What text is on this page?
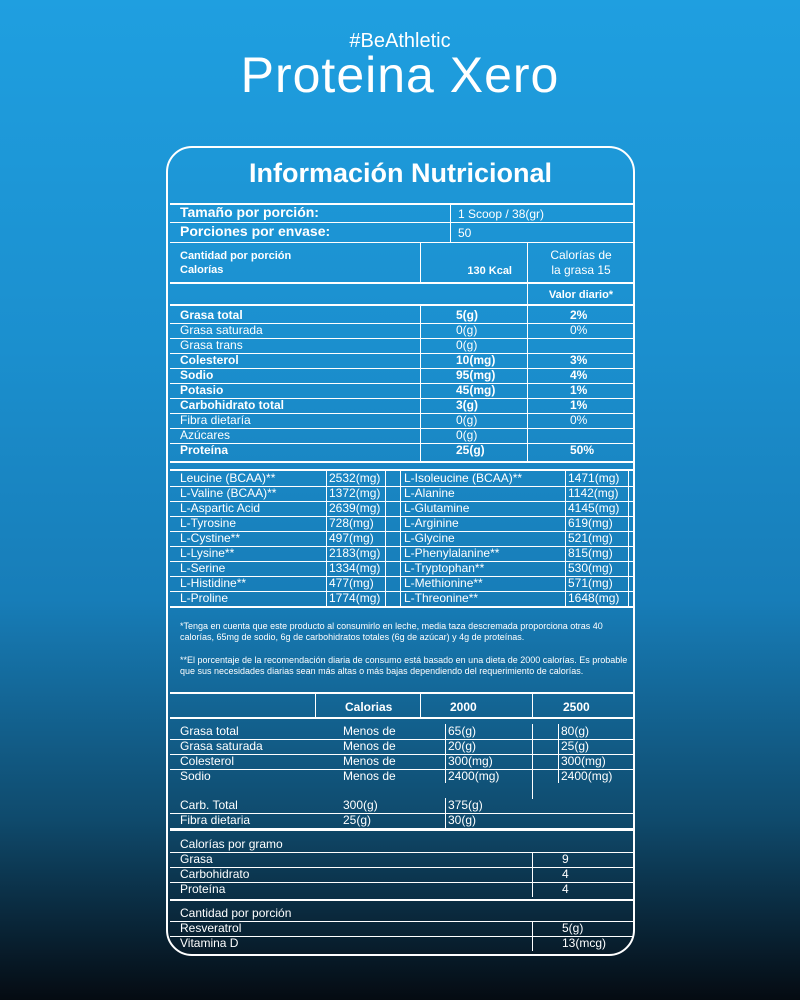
#BeAthletic
Proteina Xero
Información Nutricional
Tamaño por porción:	1 Scoop / 38(gr)
Porciones por envase:	50
Cantidad por porción
Calorías	130 Kcal
Calorías de
la grasa 15
Valor diario*
Grasa total	5(g)	2%
Grasa saturada	0(g)	0%
Grasa trans	0(g)
Colesterol	10(mg)	3%
Sodio	95(mg)	4%
Potasio	45(mg)	1%
Carbohidrato total	3(g)	1%
Fibra dietaría	0(g)	0%
Azúcares	0(g)
Proteína	25(g)	50%
Leucine (BCAA)**	2532(mg) L-Isoleucine (BCAA)**	1471(mg)
L-Valine (BCAA)**	1372(mg) L-Alanine	1142(mg)
L-Aspartic Acid	2639(mg) L-Glutamine	4145(mg)
L-Tyrosine	728(mg)	L-Arginine	619(mg)
L-Cystine**	497(mg)	L-Glycine	521(mg)
L-Lysine**	2183(mg) L-Phenylalanine**	815(mg)
L-Serine	1334(mg) L-Tryptophan**	530(mg)
L-Histidine**	477(mg)	L-Methionine**	571(mg)
L-Proline	1774(mg) L-Threonine**	1648(mg)
*Tenga en cuenta que este producto al consumirlo en leche, media taza descremada proporciona otras 40 calorías, 65mg de sodio, 6g de carbohidratos totales (6g de azúcar) y 4g de proteínas.
**El porcentaje de la recomendación diaria de consumo está basado en una dieta de 2000 calorías. Es probable que sus necesidades diarias sean más altas o más bajas dependiendo del requerimiento de calorías.
Calorias	2000	2500
Grasa total	Menos de	65(g)	80(g)
Grasa saturada	Menos de	20(g)	25(g)
Colesterol	Menos de	300(mg)	300(mg)
Sodio	Menos de	2400(mg)	2400(mg)
Carb. Total	300(g)	375(g)
Fibra dietaria	25(g)	30(g)
Calorías por gramo
Grasa	9
Carbohidrato	4
Proteína	4
Cantidad por porción
Resveratrol	5(g)
Vitamina D	13(mcg)
